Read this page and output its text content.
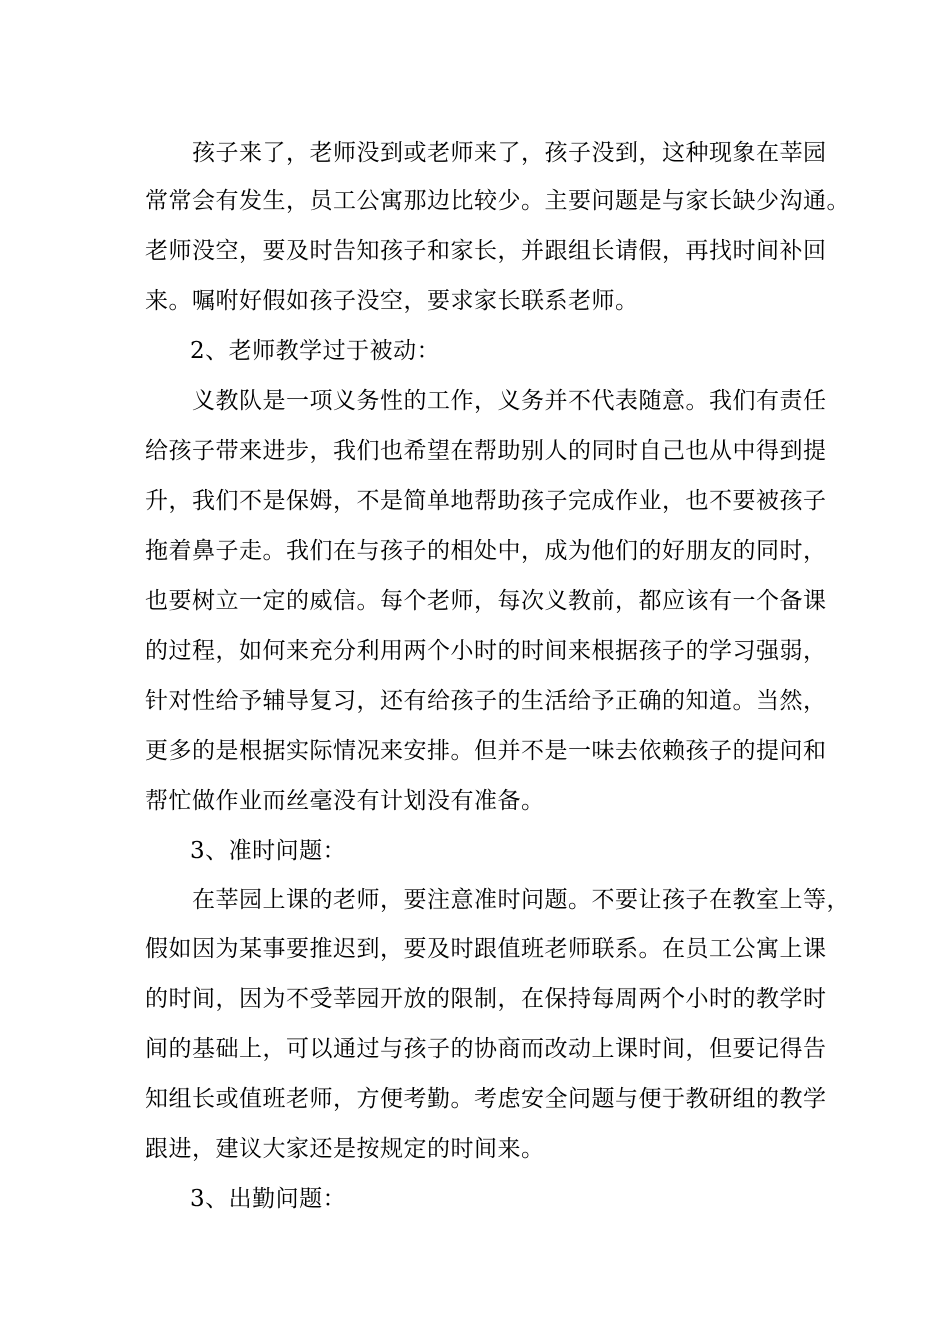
孩子来了，老师没到或老师来了，孩子没到，这种现象在莘园
常常会有发生，员工公寓那边比较少。主要问题是与家长缺少沟通。
老师没空，要及时告知孩子和家长，并跟组长请假，再找时间补回
来。嘱咐好假如孩子没空，要求家长联系老师。
2、老师教学过于被动：
义教队是一项义务性的工作，义务并不代表随意。我们有责任
给孩子带来进步，我们也希望在帮助别人的同时自己也从中得到提
升，我们不是保姆，不是简单地帮助孩子完成作业，也不要被孩子
拖着鼻子走。我们在与孩子的相处中，成为他们的好朋友的同时，
也要树立一定的威信。每个老师，每次义教前，都应该有一个备课
的过程，如何来充分利用两个小时的时间来根据孩子的学习强弱，
针对性给予辅导复习，还有给孩子的生活给予正确的知道。当然，
更多的是根据实际情况来安排。但并不是一味去依赖孩子的提问和
帮忙做作业而丝毫没有计划没有准备。
3、准时问题：
在莘园上课的老师，要注意准时问题。不要让孩子在教室上等，
假如因为某事要推迟到，要及时跟值班老师联系。在员工公寓上课
的时间，因为不受莘园开放的限制，在保持每周两个小时的教学时
间的基础上，可以通过与孩子的协商而改动上课时间，但要记得告
知组长或值班老师，方便考勤。考虑安全问题与便于教研组的教学
跟进，建议大家还是按规定的时间来。
3、出勤问题：
